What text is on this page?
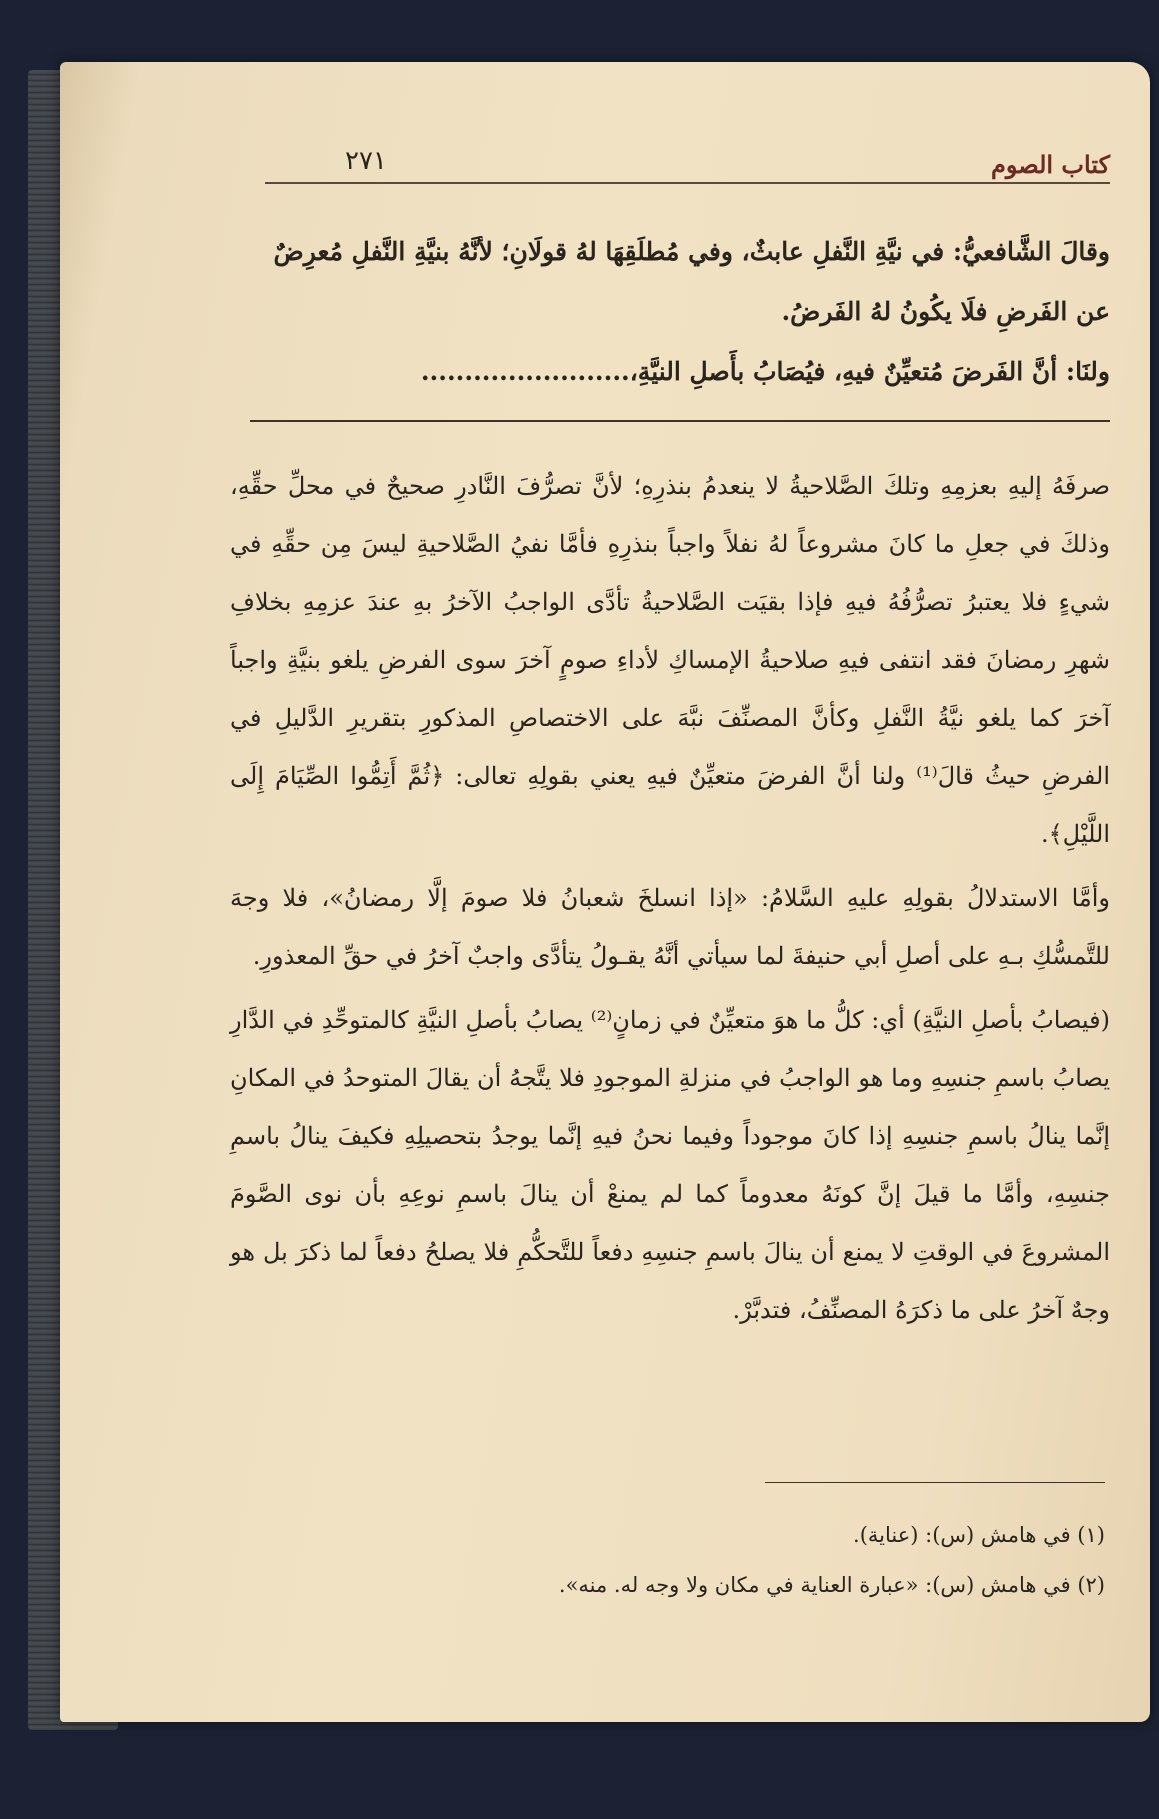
٢٧١	كتاب الصوم

وقالَ الشَّافعيُّ: في نيَّةِ النَّفلِ عابثٌ، وفي مُطلَقِهَا لهُ قولَانِ؛ لأنَّهُ بنيَّةِ النَّفلِ مُعرِضٌ عن الفَرضِ فلَا يكُونُ لهُ الفَرضُ.

ولنَا: أنَّ الفَرضَ مُتعيِّنٌ فيهِ، فيُصَابُ بأَصلِ النيَّةِ،........................

صرفَهُ إليهِ بعزمِهِ وتلكَ الصَّلاحيةُ لا ينعدمُ بنذرِهِ؛ لأنَّ تصرُّفَ النَّادرِ صحيحٌ في محلِّ حقِّهِ، وذلكَ في جعلِ ما كانَ مشروعاً لهُ نفلاً واجباً بنذرِهِ فأمَّا نفيُ الصَّلاحيةِ ليسَ مِن حقِّهِ في شيءٍ فلا يعتبرُ تصرُّفُهُ فيهِ فإذا بقيَت الصَّلاحيةُ تأدَّى الواجبُ الآخرُ بهِ عندَ عزمِهِ بخلافِ شهرِ رمضانَ فقد انتفى فيهِ صلاحيةُ الإمساكِ لأداءِ صومٍ آخرَ سوى الفرضِ يلغو بنيَّةِ واجباً آخرَ كما يلغو نيَّةُ النَّفلِ وكأنَّ المصنِّفَ نبَّهَ على الاختصاصِ المذكورِ بتقريرِ الدَّليلِ في الفرضِ حيثُ قالَ⁽¹⁾ ولنا أنَّ الفرضَ متعيِّنٌ فيهِ يعني بقولِهِ تعالى: ﴿ثُمَّ أَتِمُّوا الصِّيَامَ إِلَى اللَّيْلِ﴾.

وأمَّا الاستدلالُ بقولِهِ عليهِ السَّلامُ: «إذا انسلخَ شعبانُ فلا صومَ إلَّا رمضانُ»، فلا وجهَ للتَّمسُّكِ بـهِ على أصلِ أبي حنيفةَ لما سيأتي أنَّهُ يقـولُ يتأدَّى واجبٌ آخرُ في حقِّ المعذورِ.

(فيصابُ بأصلِ النيَّةِ) أي: كلُّ ما هوَ متعيِّنٌ في زمانٍ⁽²⁾ يصابُ بأصلِ النيَّةِ كالمتوحِّدِ في الدَّارِ يصابُ باسمِ جنسِهِ وما هو الواجبُ في منزلةِ الموجودِ فلا يتَّجهُ أن يقالَ المتوحدُ في المكانِ إنَّما ينالُ باسمِ جنسِهِ إذا كانَ موجوداً وفيما نحنُ فيهِ إنَّما يوجدُ بتحصيلِهِ فكيفَ ينالُ باسمِ جنسِهِ، وأمَّا ما قيلَ إنَّ كونَهُ معدوماً كما لم يمنعْ أن ينالَ باسمِ نوعِهِ بأن نوى الصَّومَ المشروعَ في الوقتِ لا يمنع أن ينالَ باسمِ جنسِهِ دفعاً للتَّحكُّمِ فلا يصلحُ دفعاً لما ذكرَ بل هو وجهٌ آخرُ على ما ذكرَهُ المصنِّفُ، فتدبَّرْ.

(١) في هامش (س): (عناية).

(٢) في هامش (س): «عبارة العناية في مكان ولا وجه له. منه».
